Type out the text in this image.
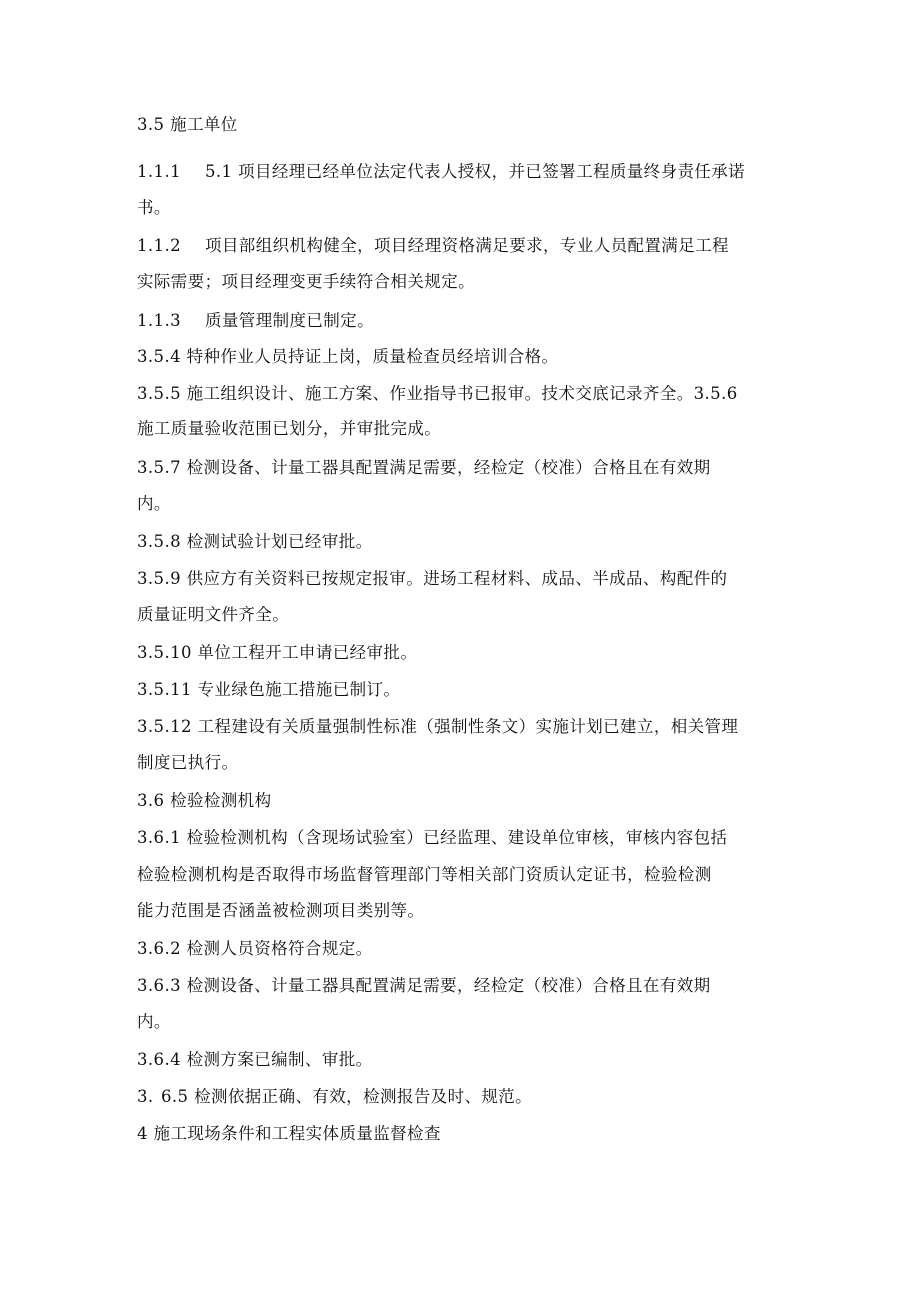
3.5 施工单位
1.1.1 5.1 项目经理已经单位法定代表人授权，并已签署工程质量终身责任承诺
书。
1.1.2 项目部组织机构健全，项目经理资格满足要求，专业人员配置满足工程
实际需要；项目经理变更手续符合相关规定。
1.1.3 质量管理制度已制定。
3.5.4 特种作业人员持证上岗，质量检查员经培训合格。
3.5.5 施工组织设计、施工方案、作业指导书已报审。技术交底记录齐全。3.5.6
施工质量验收范围已划分，并审批完成。
3.5.7 检测设备、计量工器具配置满足需要，经检定（校准）合格且在有效期
内。
3.5.8 检测试验计划已经审批。
3.5.9 供应方有关资料已按规定报审。进场工程材料、成品、半成品、构配件的
质量证明文件齐全。
3.5.10 单位工程开工申请已经审批。
3.5.11 专业绿色施工措施已制订。
3.5.12 工程建设有关质量强制性标准（强制性条文）实施计划已建立，相关管理
制度已执行。
3.6 检验检测机构
3.6.1 检验检测机构（含现场试验室）已经监理、建设单位审核，审核内容包括
检验检测机构是否取得市场监督管理部门等相关部门资质认定证书，检验检测
能力范围是否涵盖被检测项目类别等。
3.6.2 检测人员资格符合规定。
3.6.3 检测设备、计量工器具配置满足需要，经检定（校准）合格且在有效期
内。
3.6.4 检测方案已编制、审批。
3. 6.5 检测依据正确、有效，检测报告及时、规范。
4 施工现场条件和工程实体质量监督检查
